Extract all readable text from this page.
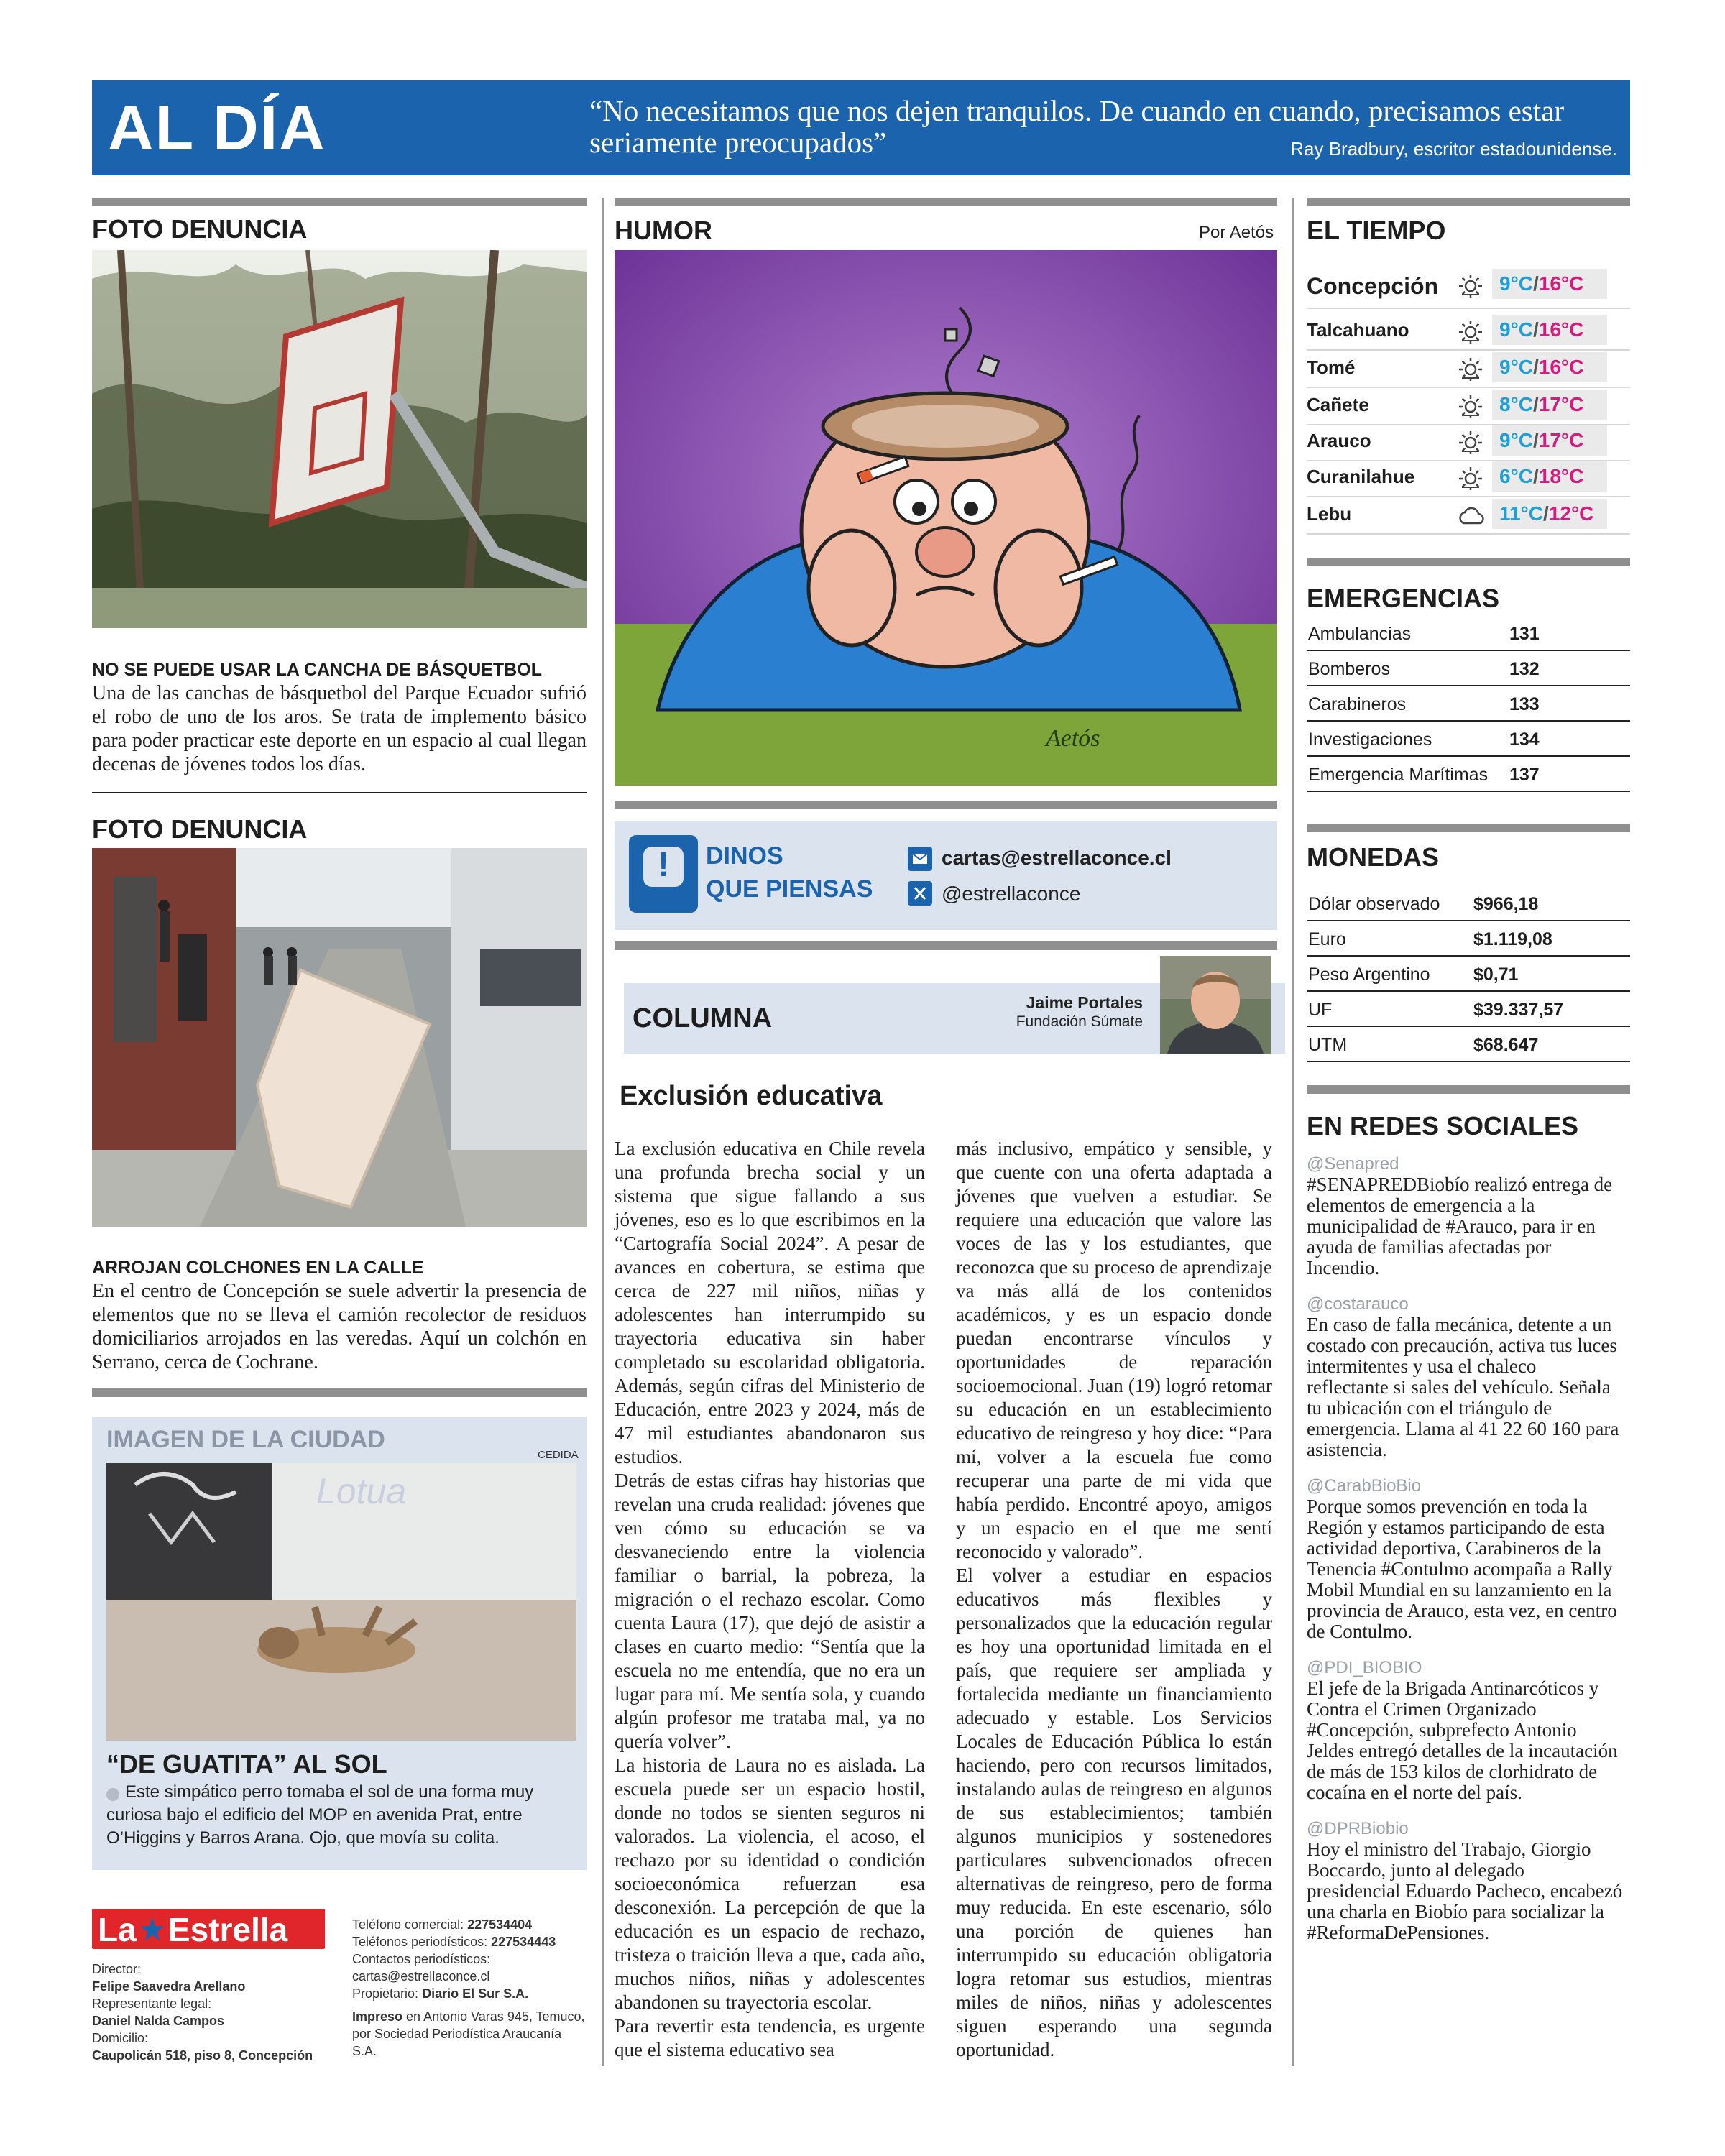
AL DÍA	“No necesitamos que nos dejen tranquilos. De cuando en cuando, precisamos estar seriamente preocupados”	Ray Bradbury, escritor estadounidense.
FOTO DENUNCIA
NO SE PUEDE USAR LA CANCHA DE BÁSQUETBOL
Una de las canchas de básquetbol del Parque Ecuador sufrió el robo de uno de los aros. Se trata de implemento básico para poder practicar este deporte en un espacio al cual llegan decenas de jóvenes todos los días.
FOTO DENUNCIA
ARROJAN COLCHONES EN LA CALLE
En el centro de Concepción se suele advertir la presencia de elementos que no se lleva el camión recolector de residuos domiciliarios arrojados en las veredas. Aquí un colchón en Serrano, cerca de Cochrane.
IMAGEN DE LA CIUDAD
CEDIDA
Lotua
“DE GUATITA” AL SOL
Este simpático perro tomaba el sol de una forma muy curiosa bajo el edificio del MOP en avenida Prat, entre O’Higgins y Barros Arana. Ojo, que movía su colita.
La ★ Estrella
Director:
Felipe Saavedra Arellano
Representante legal:
Daniel Nalda Campos
Domicilio:
Caupolicán 518, piso 8, Concepción
Teléfono comercial: 227534404
Teléfonos periodísticos: 227534443
Contactos periodísticos:
cartas@estrellaconce.cl
Propietario: Diario El Sur S.A.
Impreso en Antonio Varas 945, Temuco, por Sociedad Periodística Araucanía S.A.
HUMOR	Por Aetós
Aetós
!	DINOS
QUE PIENSAS
cartas@estrellaconce.cl
@estrellaconce
COLUMNA
Jaime Portales
Fundación Súmate
Exclusión educativa
La exclusión educativa en Chile revela una profunda brecha social y un sistema que sigue fallando a sus jóvenes, eso es lo que escribimos en la “Cartografía Social 2024”. A pesar de avances en cobertura, se estima que cerca de 227 mil niños, niñas y adolescentes han interrumpido su trayectoria educativa sin haber completado su escolaridad obligatoria. Además, según cifras del Ministerio de Educación, entre 2023 y 2024, más de 47 mil estudiantes abandonaron sus estudios.
Detrás de estas cifras hay historias que revelan una cruda realidad: jóvenes que ven cómo su educación se va desvaneciendo entre la violencia familiar o barrial, la pobreza, la migración o el rechazo escolar. Como cuenta Laura (17), que dejó de asistir a clases en cuarto medio: “Sentía que la escuela no me entendía, que no era un lugar para mí. Me sentía sola, y cuando algún profesor me trataba mal, ya no quería volver”.
La historia de Laura no es aislada. La escuela puede ser un espacio hostil, donde no todos se sienten seguros ni valorados. La violencia, el acoso, el rechazo por su identidad o condición socioeconómica refuerzan esa desconexión. La percepción de que la educación es un espacio de rechazo, tristeza o traición lleva a que, cada año, muchos niños, niñas y adolescentes abandonen su trayectoria escolar.
Para revertir esta tendencia, es urgente que el sistema educativo sea
más inclusivo, empático y sensible, y que cuente con una oferta adaptada a jóvenes que vuelven a estudiar. Se requiere una educación que valore las voces de las y los estudiantes, que reconozca que su proceso de aprendizaje va más allá de los contenidos académicos, y es un espacio donde puedan encontrarse vínculos y oportunidades de reparación socioemocional. Juan (19) logró retomar su educación en un establecimiento educativo de reingreso y hoy dice: “Para mí, volver a la escuela fue como recuperar una parte de mi vida que había perdido. Encontré apoyo, amigos y un espacio en el que me sentí reconocido y valorado”.
El volver a estudiar en espacios educativos más flexibles y personalizados que la educación regular es hoy una oportunidad limitada en el país, que requiere ser ampliada y fortalecida mediante un financiamiento adecuado y estable. Los Servicios Locales de Educación Pública lo están haciendo, pero con recursos limitados, instalando aulas de reingreso en algunos de sus establecimientos; también algunos municipios y sostenedores particulares subvencionados ofrecen alternativas de reingreso, pero de forma muy reducida. En este escenario, sólo una porción de quienes han interrumpido su educación obligatoria logra retomar sus estudios, mientras miles de niños, niñas y adolescentes siguen esperando una segunda oportunidad.
EL TIEMPO
Concepción	9°C/16°C
Talcahuano	9°C/16°C
Tomé	9°C/16°C
Cañete	8°C/17°C
Arauco	9°C/17°C
Curanilahue	6°C/18°C
Lebu	11°C/12°C
EMERGENCIAS
Ambulancias	131
Bomberos	132
Carabineros	133
Investigaciones	134
Emergencia Marítimas 137
MONEDAS
Dólar observado $966,18
Euro	$1.119,08
Peso Argentino $0,71
UF	$39.337,57
UTM	$68.647
EN REDES SOCIALES
@Senapred
#SENAPREDBiobío realizó entrega de elementos de emergencia a la municipalidad de #Arauco, para ir en ayuda de familias afectadas por Incendio.
@costarauco
En caso de falla mecánica, detente a un costado con precaución, activa tus luces intermitentes y usa el chaleco reflectante si sales del vehículo. Señala tu ubicación con el triángulo de emergencia. Llama al 41 22 60 160 para asistencia.
@CarabBioBio
Porque somos prevención en toda la Región y estamos participando de esta actividad deportiva, Carabineros de la Tenencia #Contulmo acompaña a Rally Mobil Mundial en su lanzamiento en la provincia de Arauco, esta vez, en centro de Contulmo.
@PDI_BIOBIO
El jefe de la Brigada Antinarcóticos y Contra el Crimen Organizado #Concepción, subprefecto Antonio Jeldes entregó detalles de la incautación de más de 153 kilos de clorhidrato de cocaína en el norte del país.
@DPRBiobio
Hoy el ministro del Trabajo, Giorgio Boccardo, junto al delegado presidencial Eduardo Pacheco, encabezó una charla en Biobío para socializar la #ReformaDePensiones.
